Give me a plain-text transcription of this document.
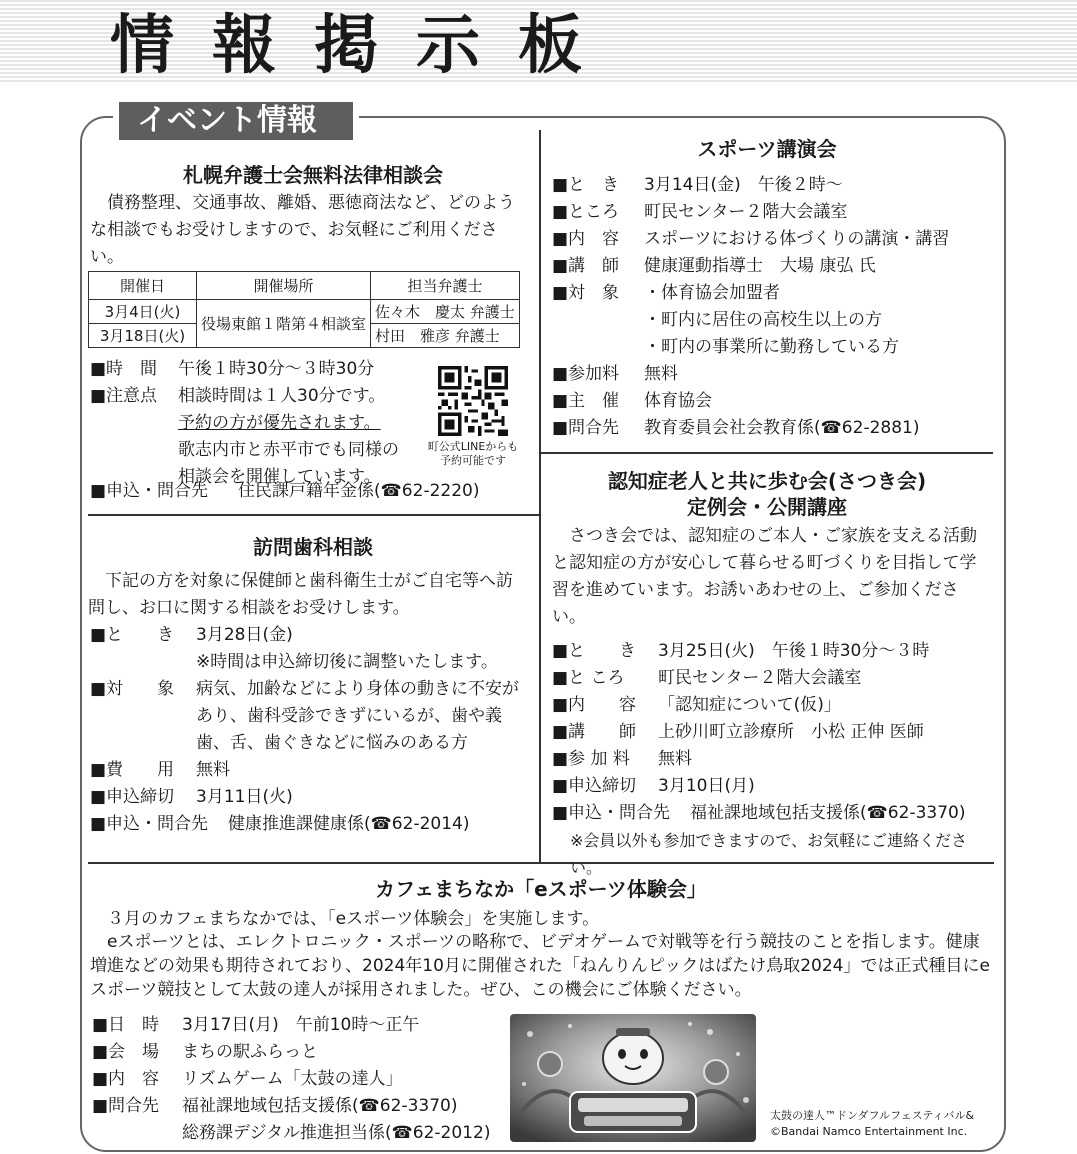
情報掲示板
イベント情報
札幌弁護士会無料法律相談会
債務整理、交通事故、離婚、悪徳商法など、どのような相談でもお受けしますので、お気軽にご利用ください。
開催日	開催場所	担当弁護士
3月4日(火)	役場東館１階第４相談室	佐々木　慶太 弁護士
3月18日(火)		村田　雅彦 弁護士
■時　間	午後１時30分～３時30分
■注意点	相談時間は１人30分です。
予約の方が優先されます。
歌志内市と赤平市でも同様の
相談会を開催しています。
町公式LINEからも
予約可能です
■申込・問合先	住民課戸籍年金係(☎62-2220)
訪問歯科相談
下記の方を対象に保健師と歯科衛生士がご自宅等へ訪問し、お口に関する相談をお受けします。
■と　　き	3月28日(金)
※時間は申込締切後に調整いたします。
■対　　象	病気、加齢などにより身体の動きに不安があり、歯科受診できずにいるが、歯や義歯、舌、歯ぐきなどに悩みのある方
■費　　用	無料
■申込締切	3月11日(火)
■申込・問合先	健康推進課健康係(☎62-2014)
スポーツ講演会
■と　き	3月14日(金)　午後２時～
■ところ	町民センター２階大会議室
■内　容	スポーツにおける体づくりの講演・講習
■講　師	健康運動指導士　大場 康弘 氏
■対　象	・体育協会加盟者
・町内に居住の高校生以上の方
・町内の事業所に勤務している方
■参加料	無料
■主　催	体育協会
■問合先	教育委員会社会教育係(☎62-2881)
認知症老人と共に歩む会(さつき会)
定例会・公開講座
さつき会では、認知症のご本人・ご家族を支える活動と認知症の方が安心して暮らせる町づくりを目指して学習を進めています。お誘いあわせの上、ご参加ください。
■と　　き	3月25日(火)　午後１時30分～３時
■と ころ	町民センター２階大会議室
■内　　容	「認知症について(仮)」
■講　　師	上砂川町立診療所　小松 正伸 医師
■参 加 料	無料
■申込締切	3月10日(月)
■申込・問合先	福祉課地域包括支援係(☎62-3370)
※会員以外も参加できますので、お気軽にご連絡ください。
カフェまちなか「eスポーツ体験会」
３月のカフェまちなかでは、「eスポーツ体験会」を実施します。
eスポーツとは、エレクトロニック・スポーツの略称で、ビデオゲームで対戦等を行う競技のことを指します。健康増進などの効果も期待されており、2024年10月に開催された「ねんりんピックはばたけ鳥取2024」では正式種目にeスポーツ競技として太鼓の達人が採用されました。ぜひ、この機会にご体験ください。
■日　時	3月17日(月)　午前10時～正午
■会　場	まちの駅ふらっと
■内　容	リズムゲーム「太鼓の達人」
■問合先	福祉課地域包括支援係(☎62-3370)
総務課デジタル推進担当係(☎62-2012)
太鼓の達人™ドンダフルフェスティバル&
©Bandai Namco Entertainment Inc.
